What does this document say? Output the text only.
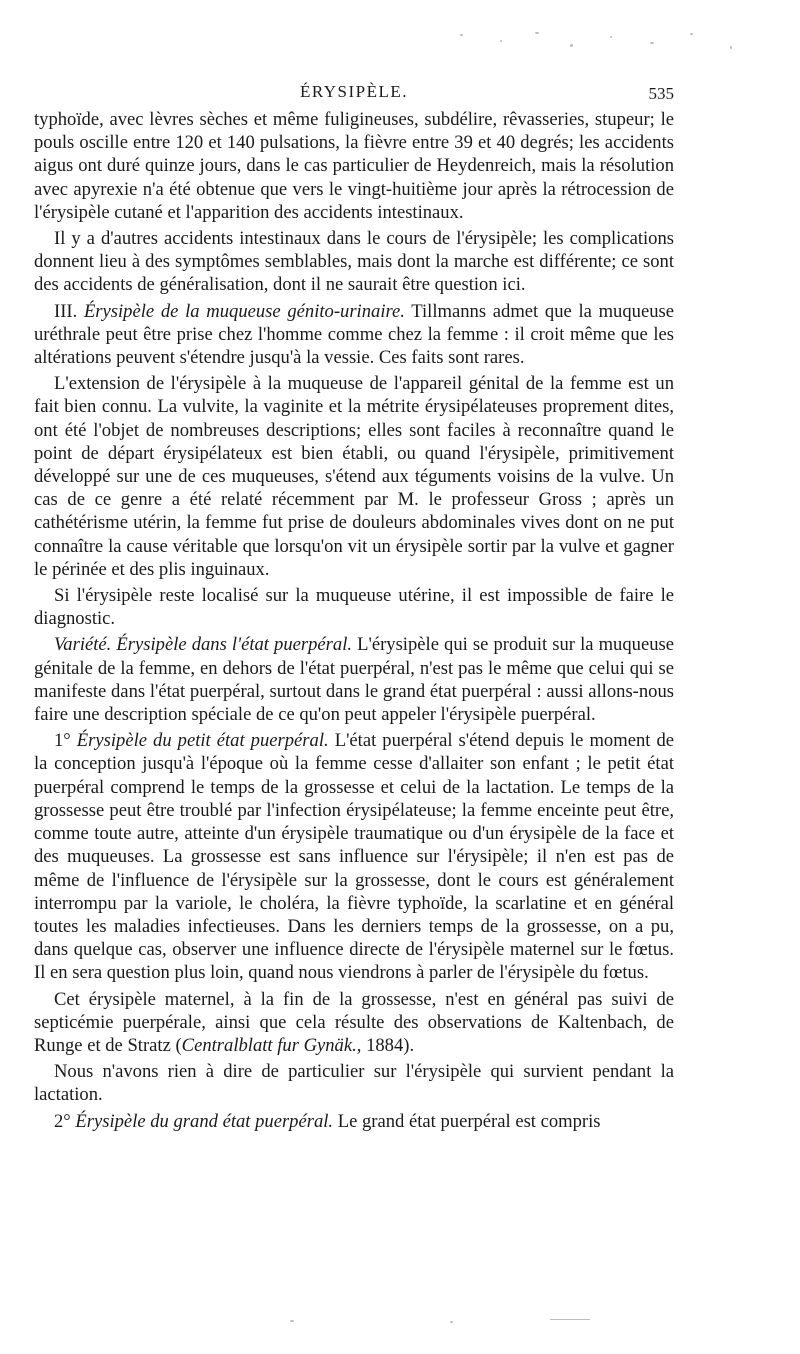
ÉRYSIPÈLE.	535

typhoïde, avec lèvres sèches et même fuligineuses, subdélire, rêvasseries, stupeur; le pouls oscille entre 120 et 140 pulsations, la fièvre entre 39 et 40 degrés; les accidents aigus ont duré quinze jours, dans le cas particulier de Heydenreich, mais la résolution avec apyrexie n'a été obtenue que vers le vingt-huitième jour après la rétrocession de l'érysipèle cutané et l'apparition des accidents intestinaux.

Il y a d'autres accidents intestinaux dans le cours de l'érysipèle; les complications donnent lieu à des symptômes semblables, mais dont la marche est différente; ce sont des accidents de généralisation, dont il ne saurait être question ici.

III. Érysipèle de la muqueuse génito-urinaire. Tillmanns admet que la muqueuse uréthrale peut être prise chez l'homme comme chez la femme : il croit même que les altérations peuvent s'étendre jusqu'à la vessie. Ces faits sont rares.

L'extension de l'érysipèle à la muqueuse de l'appareil génital de la femme est un fait bien connu. La vulvite, la vaginite et la métrite érysipélateuses proprement dites, ont été l'objet de nombreuses descriptions; elles sont faciles à reconnaître quand le point de départ érysipélateux est bien établi, ou quand l'érysipèle, primitivement développé sur une de ces muqueuses, s'étend aux téguments voisins de la vulve. Un cas de ce genre a été relaté récemment par M. le professeur Gross ; après un cathétérisme utérin, la femme fut prise de douleurs abdominales vives dont on ne put connaître la cause véritable que lorsqu'on vit un érysipèle sortir par la vulve et gagner le périnée et des plis inguinaux.

Si l'érysipèle reste localisé sur la muqueuse utérine, il est impossible de faire le diagnostic.

Variété. Érysipèle dans l'état puerpéral. L'érysipèle qui se produit sur la muqueuse génitale de la femme, en dehors de l'état puerpéral, n'est pas le même que celui qui se manifeste dans l'état puerpéral, surtout dans le grand état puerpéral : aussi allons-nous faire une description spéciale de ce qu'on peut appeler l'érysipèle puerpéral.

1° Érysipèle du petit état puerpéral. L'état puerpéral s'étend depuis le moment de la conception jusqu'à l'époque où la femme cesse d'allaiter son enfant ; le petit état puerpéral comprend le temps de la grossesse et celui de la lactation. Le temps de la grossesse peut être troublé par l'infection érysipélateuse; la femme enceinte peut être, comme toute autre, atteinte d'un érysipèle traumatique ou d'un érysipèle de la face et des muqueuses. La grossesse est sans influence sur l'érysipèle; il n'en est pas de même de l'influence de l'érysipèle sur la grossesse, dont le cours est généralement interrompu par la variole, le choléra, la fièvre typhoïde, la scarlatine et en général toutes les maladies infectieuses. Dans les derniers temps de la grossesse, on a pu, dans quelque cas, observer une influence directe de l'érysipèle maternel sur le fœtus. Il en sera question plus loin, quand nous viendrons à parler de l'érysipèle du fœtus.

Cet érysipèle maternel, à la fin de la grossesse, n'est en général pas suivi de septicémie puerpérale, ainsi que cela résulte des observations de Kaltenbach, de Runge et de Stratz (Centralblatt fur Gynäk., 1884).

Nous n'avons rien à dire de particulier sur l'érysipèle qui survient pendant la lactation.

2° Érysipèle du grand état puerpéral. Le grand état puerpéral est compris
